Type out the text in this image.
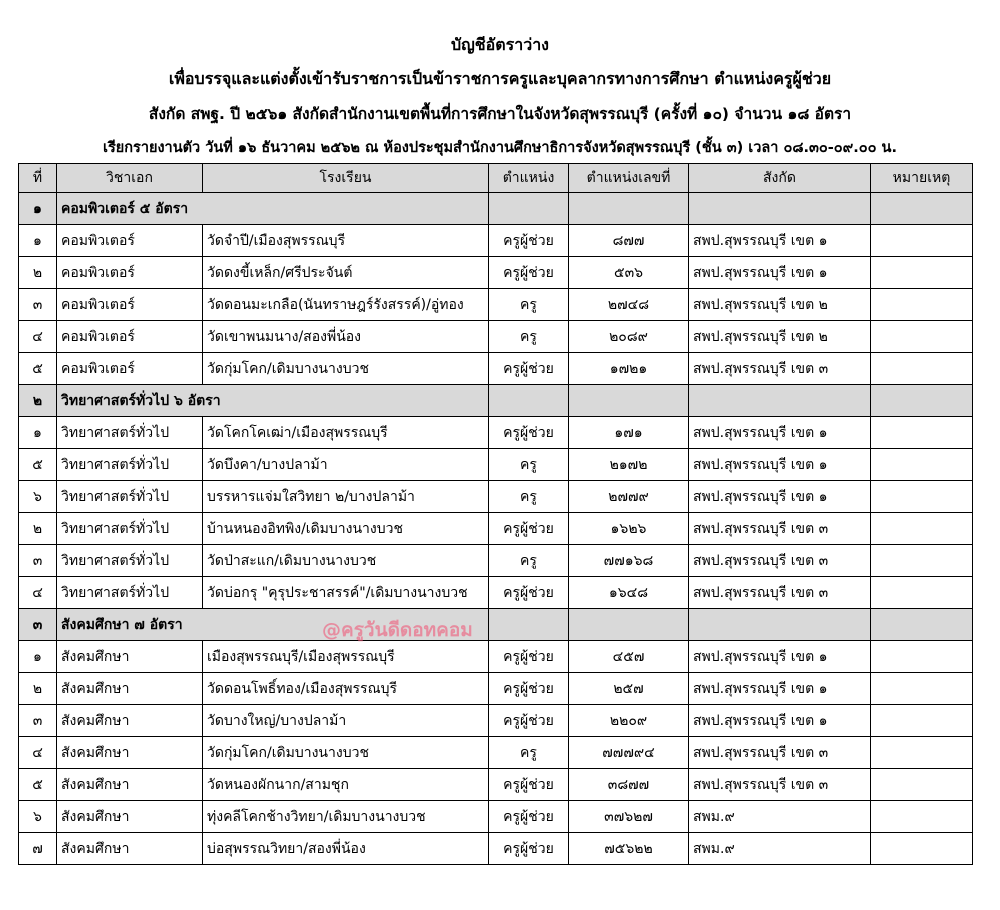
บัญชีอัตราว่าง
เพื่อบรรจุและแต่งตั้งเข้ารับราชการเป็นข้าราชการครูและบุคลากรทางการศึกษา ตำแหน่งครูผู้ช่วย
สังกัด สพฐ. ปี ๒๕๖๑ สังกัดสำนักงานเขตพื้นที่การศึกษาในจังหวัดสุพรรณบุรี (ครั้งที่ ๑๐) จำนวน ๑๘ อัตรา
เรียกรายงานตัว วันที่ ๑๖ ธันวาคม ๒๕๖๒ ณ ห้องประชุมสำนักงานศึกษาธิการจังหวัดสุพรรณบุรี (ชั้น ๓) เวลา ๐๘.๓๐-๐๙.๐๐ น.
ที่	วิชาเอก	โรงเรียน	ตำแหน่ง	ตำแหน่งเลขที่	สังกัด	หมายเหตุ
๑	คอมพิวเตอร์ ๕ อัตรา					
๑	คอมพิวเตอร์	วัดจำปี/เมืองสุพรรณบุรี	ครูผู้ช่วย	๘๗๗	สพป.สุพรรณบุรี เขต ๑	
๒	คอมพิวเตอร์	วัดดงขี้เหล็ก/ศรีประจันต์	ครูผู้ช่วย	๕๓๖	สพป.สุพรรณบุรี เขต ๑	
๓	คอมพิวเตอร์	วัดดอนมะเกลือ(นันทราษฎร์รังสรรค์)/อู่ทอง	ครู	๒๗๔๘	สพป.สุพรรณบุรี เขต ๒	
๔	คอมพิวเตอร์	วัดเขาพนมนาง/สองพี่น้อง	ครู	๒๐๘๙	สพป.สุพรรณบุรี เขต ๒	
๕	คอมพิวเตอร์	วัดกุ่มโคก/เดิมบางนางบวช	ครูผู้ช่วย	๑๗๒๑	สพป.สุพรรณบุรี เขต ๓	
๒	วิทยาศาสตร์ทั่วไป ๖ อัตรา					
๑	วิทยาศาสตร์ทั่วไป	วัดโคกโคเฒ่า/เมืองสุพรรณบุรี	ครูผู้ช่วย	๑๗๑	สพป.สุพรรณบุรี เขต ๑	
๕	วิทยาศาสตร์ทั่วไป	วัดบึงคา/บางปลาม้า	ครู	๒๑๗๒	สพป.สุพรรณบุรี เขต ๑	
๖	วิทยาศาสตร์ทั่วไป	บรรหารแจ่มใสวิทยา ๒/บางปลาม้า	ครู	๒๗๗๙	สพป.สุพรรณบุรี เขต ๑	
๒	วิทยาศาสตร์ทั่วไป	บ้านหนองอิทพิง/เดิมบางนางบวช	ครูผู้ช่วย	๑๖๒๖	สพป.สุพรรณบุรี เขต ๓	
๓	วิทยาศาสตร์ทั่วไป	วัดป่าสะแก/เดิมบางนางบวช	ครู	๗๗๑๖๘	สพป.สุพรรณบุรี เขต ๓	
๔	วิทยาศาสตร์ทั่วไป	วัดบ่อกรุ "คุรุประชาสรรค์"/เดิมบางนางบวช	ครูผู้ช่วย	๑๖๔๘	สพป.สุพรรณบุรี เขต ๓	
๓	สังคมศึกษา ๗ อัตรา					
๑	สังคมศึกษา	เมืองสุพรรณบุรี/เมืองสุพรรณบุรี	ครูผู้ช่วย	๔๕๗	สพป.สุพรรณบุรี เขต ๑	
๒	สังคมศึกษา	วัดดอนโพธิ์ทอง/เมืองสุพรรณบุรี	ครูผู้ช่วย	๒๕๗	สพป.สุพรรณบุรี เขต ๑	
๓	สังคมศึกษา	วัดบางใหญ่/บางปลาม้า	ครูผู้ช่วย	๒๒๐๙	สพป.สุพรรณบุรี เขต ๑	
๔	สังคมศึกษา	วัดกุ่มโคก/เดิมบางนางบวช	ครู	๗๗๗๙๔	สพป.สุพรรณบุรี เขต ๓	
๕	สังคมศึกษา	วัดหนองผักนาก/สามชุก	ครูผู้ช่วย	๓๘๗๗	สพป.สุพรรณบุรี เขต ๓	
๖	สังคมศึกษา	ทุ่งคลีโคกช้างวิทยา/เดิมบางนางบวช	ครูผู้ช่วย	๓๗๖๒๗	สพม.๙	
๗	สังคมศึกษา	บ่อสุพรรณวิทยา/สองพี่น้อง	ครูผู้ช่วย	๗๕๖๒๒	สพม.๙	
@ครูวันดีดอทคอม
